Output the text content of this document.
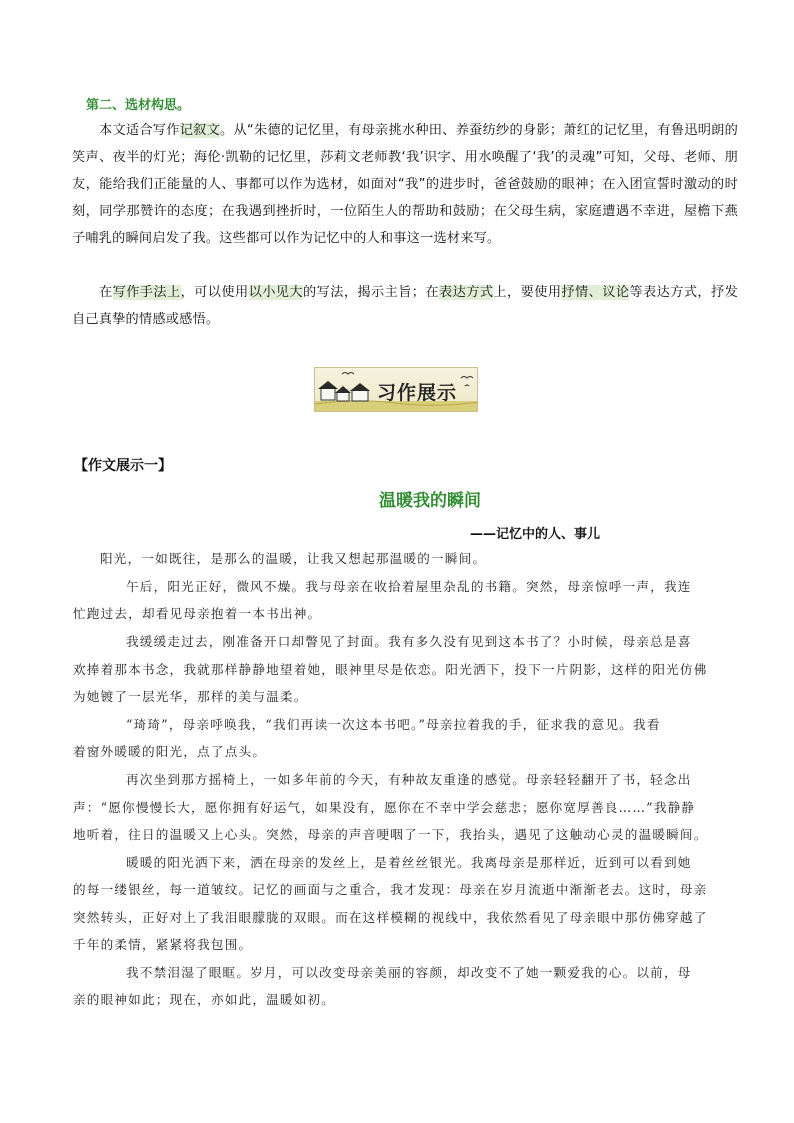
第二、选材构思。

本文适合写作记叙文。从“朱德的记忆里，有母亲挑水种田、养蚕纺纱的身影；萧红的记忆里，有鲁迅明朗的笑声、夜半的灯光；海伦·凯勒的记忆里，莎莉文老师教‘我’识字、用水唤醒了‘我’的灵魂”可知，父母、老师、朋友，能给我们正能量的人、事都可以作为选材，如面对“我”的进步时，爸爸鼓励的眼神；在入团宣誓时激动的时刻，同学那赞许的态度；在我遇到挫折时，一位陌生人的帮助和鼓励；在父母生病，家庭遭遇不幸进，屋檐下燕子哺乳的瞬间启发了我。这些都可以作为记忆中的人和事这一选材来写。

在写作手法上，可以使用以小见大的写法，揭示主旨；在表达方式上，要使用抒情、议论等表达方式，抒发自己真挚的情感或感悟。

习作展示
【作文展示一】
温暖我的瞬间
——记忆中的人、事儿
阳光，一如既往，是那么的温暖，让我又想起那温暖的一瞬间。
午后，阳光正好，微风不燥。我与母亲在收拾着屋里杂乱的书籍。突然，母亲惊呼一声，我连
忙跑过去，却看见母亲抱着一本书出神。
我缓缓走过去，刚准备开口却瞥见了封面。我有多久没有见到这本书了？小时候，母亲总是喜
欢捧着那本书念，我就那样静静地望着她，眼神里尽是依恋。阳光洒下，投下一片阴影，这样的阳光仿佛
为她镀了一层光华，那样的美与温柔。
“琦琦”，母亲呼唤我，“我们再读一次这本书吧。”母亲拉着我的手，征求我的意见。我看
着窗外暖暖的阳光，点了点头。
再次坐到那方摇椅上，一如多年前的今天，有种故友重逢的感觉。母亲轻轻翻开了书，轻念出
声：“愿你慢慢长大，愿你拥有好运气，如果没有，愿你在不幸中学会慈悲；愿你宽厚善良……”我静静
地听着，往日的温暖又上心头。突然，母亲的声音哽咽了一下，我抬头，遇见了这触动心灵的温暖瞬间。
暖暖的阳光洒下来，洒在母亲的发丝上，是着丝丝银光。我离母亲是那样近，近到可以看到她
的每一缕银丝，每一道皱纹。记忆的画面与之重合，我才发现：母亲在岁月流逝中渐渐老去。这时，母亲
突然转头，正好对上了我泪眼朦胧的双眼。而在这样模糊的视线中，我依然看见了母亲眼中那仿佛穿越了
千年的柔情，紧紧将我包围。
我不禁泪湿了眼眶。岁月，可以改变母亲美丽的容颜，却改变不了她一颗爱我的心。以前，母
亲的眼神如此；现在，亦如此，温暖如初。
